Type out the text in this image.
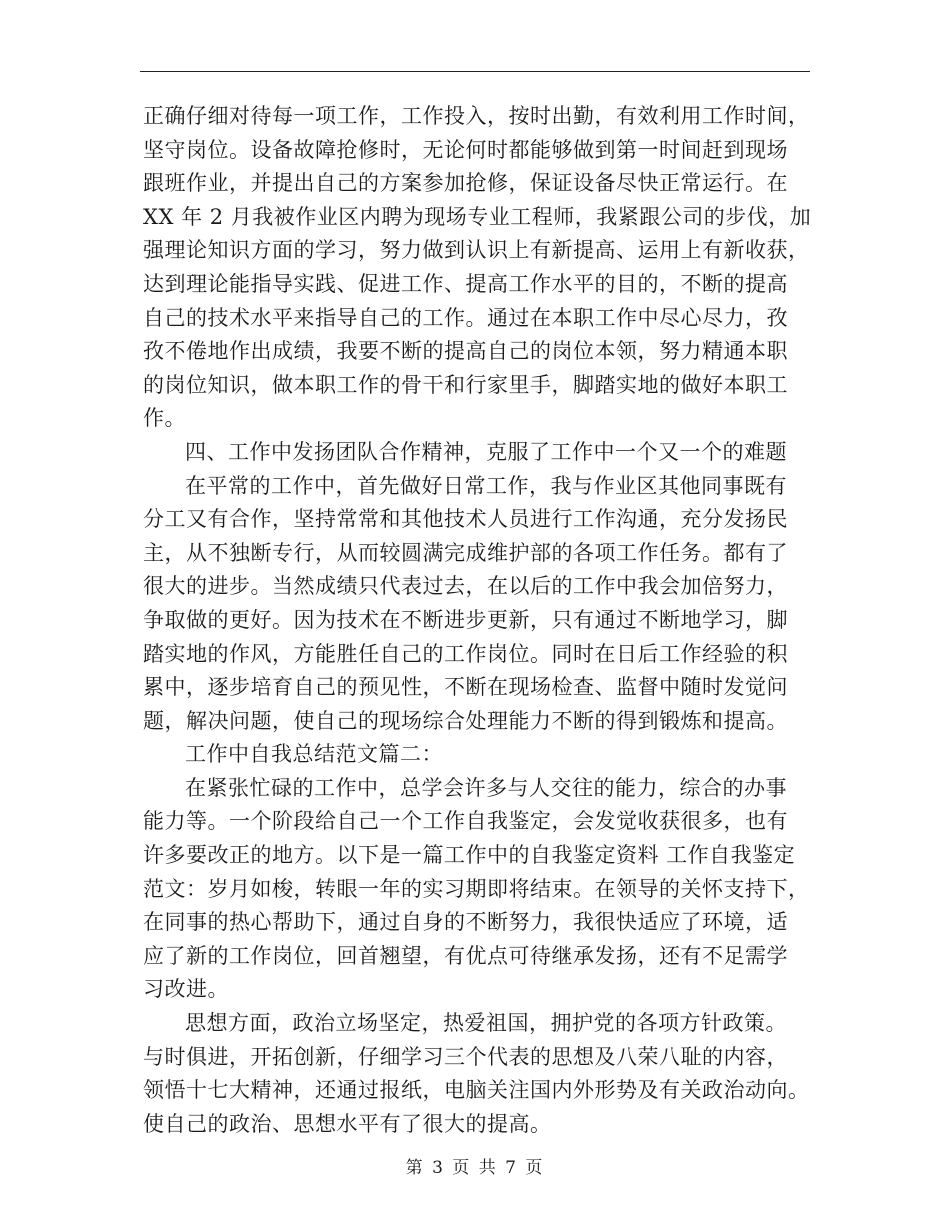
正确仔细对待每一项工作，工作投入，按时出勤，有效利用工作时间，
坚守岗位。设备故障抢修时，无论何时都能够做到第一时间赶到现场
跟班作业，并提出自己的方案参加抢修，保证设备尽快正常运行。在
XX 年 2 月我被作业区内聘为现场专业工程师，我紧跟公司的步伐，加
强理论知识方面的学习，努力做到认识上有新提高、运用上有新收获，
达到理论能指导实践、促进工作、提高工作水平的目的，不断的提高
自己的技术水平来指导自己的工作。通过在本职工作中尽心尽力，孜
孜不倦地作出成绩，我要不断的提高自己的岗位本领，努力精通本职
的岗位知识，做本职工作的骨干和行家里手，脚踏实地的做好本职工
作。

四、工作中发扬团队合作精神，克服了工作中一个又一个的难题

在平常的工作中，首先做好日常工作，我与作业区其他同事既有
分工又有合作，坚持常常和其他技术人员进行工作沟通，充分发扬民
主，从不独断专行，从而较圆满完成维护部的各项工作任务。都有了
很大的进步。当然成绩只代表过去，在以后的工作中我会加倍努力，
争取做的更好。因为技术在不断进步更新，只有通过不断地学习，脚
踏实地的作风，方能胜任自己的工作岗位。同时在日后工作经验的积
累中，逐步培育自己的预见性，不断在现场检查、监督中随时发觉问
题，解决问题，使自己的现场综合处理能力不断的得到锻炼和提高。

工作中自我总结范文篇二：

在紧张忙碌的工作中，总学会许多与人交往的能力，综合的办事
能力等。一个阶段给自己一个工作自我鉴定，会发觉收获很多，也有
许多要改正的地方。以下是一篇工作中的自我鉴定资料 工作自我鉴定
范文：岁月如梭，转眼一年的实习期即将结束。在领导的关怀支持下，
在同事的热心帮助下，通过自身的不断努力，我很快适应了环境，适
应了新的工作岗位，回首翘望，有优点可待继承发扬，还有不足需学
习改进。

思想方面，政治立场坚定，热爱祖国，拥护党的各项方针政策。
与时俱进，开拓创新，仔细学习三个代表的思想及八荣八耻的内容，
领悟十七大精神，还通过报纸，电脑关注国内外形势及有关政治动向。
使自己的政治、思想水平有了很大的提高。

第 3 页 共 7 页
